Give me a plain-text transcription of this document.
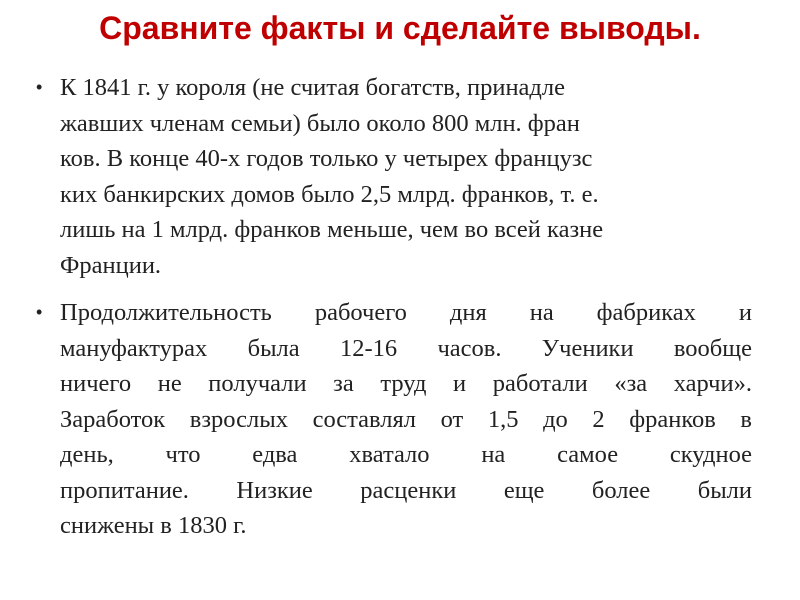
Сравните факты и сделайте выводы.
• К 1841 г. у короля (не считая богатств, принадле
жавших членам семьи) было около 800 млн. фран
ков. В конце 40-х годов только у четырех французс
ких банкирских домов было 2,5 млрд. франков, т. е.
лишь на 1 млрд. франков меньше, чем во всей казне
Франции.
• Продолжительность рабочего дня на фабриках и
мануфактурах была 12-16 часов. Ученики вообще
ничего не получали за труд и работали «за харчи».
Заработок взрослых составлял от 1,5 до 2 франков в
день, что едва хватало на самое скудное
пропитание. Низкие расценки еще более были
снижены в 1830 г.
